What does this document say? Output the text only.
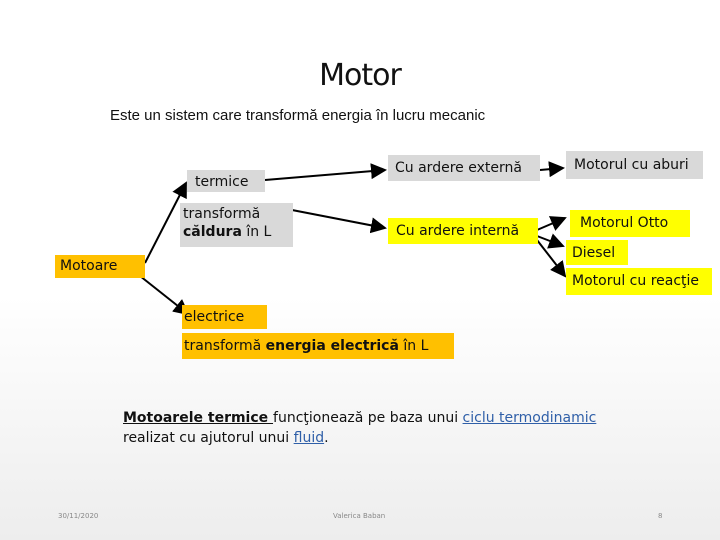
Motor
Este un sistem care transformă energia în lucru mecanic
Motoare
termice
transformă
căldura în L
Cu ardere externă
Cu ardere internă
Motorul cu aburi
Motorul Otto
Diesel
Motorul cu reacţie
electrice
transformă energia electrică în L
Motoarele termice funcţionează pe baza unui ciclu termodinamic
realizat cu ajutorul unui fluid.
30/11/2020	Valerica Baban	8
